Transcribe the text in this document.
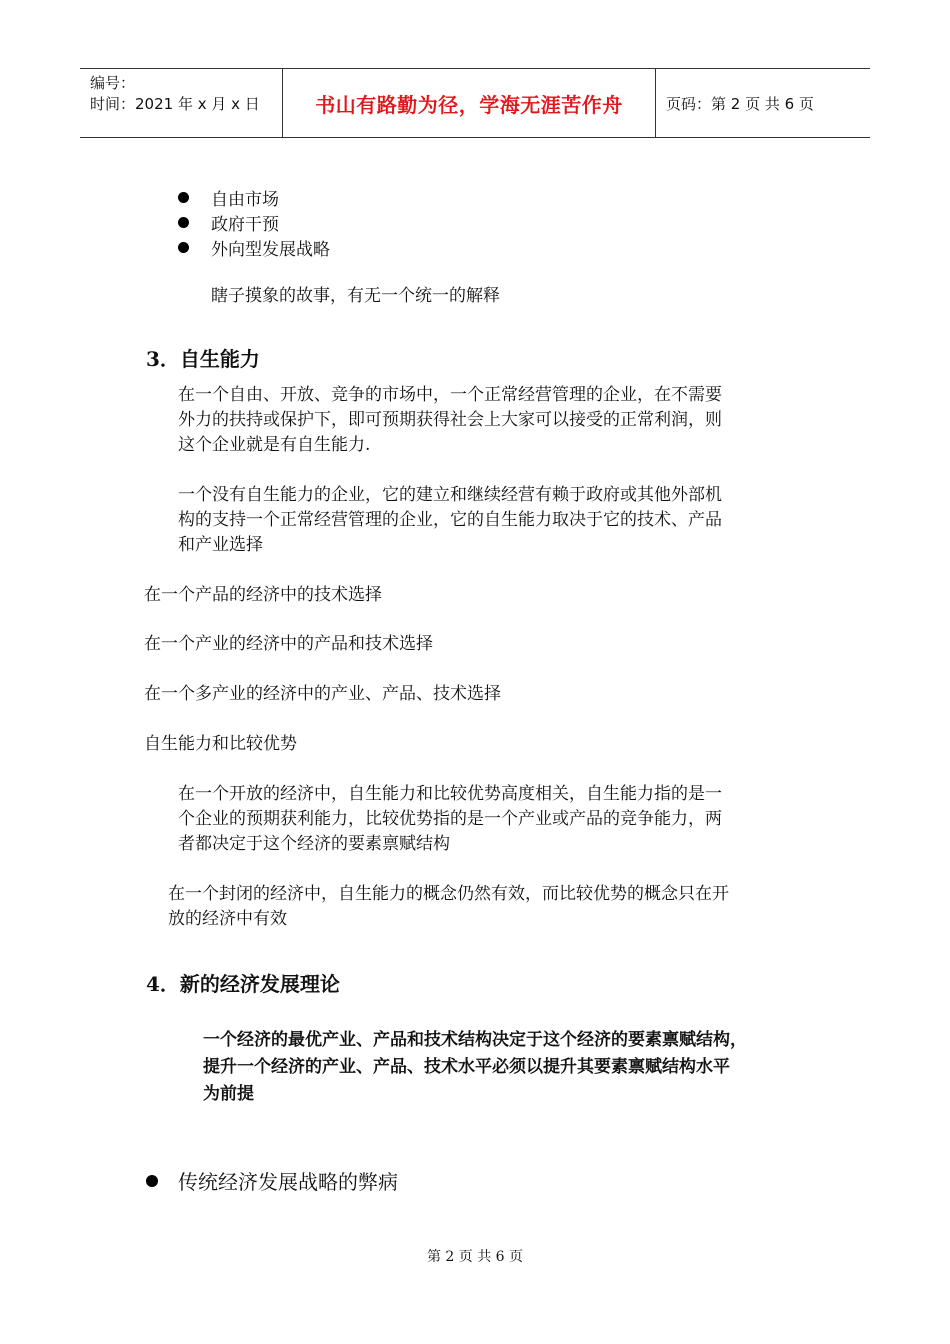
编号：
时间：2021 年 x 月 x 日	书山有路勤为径，学海无涯苦作舟	页码：第 2 页 共 6 页
自由市场
政府干预
外向型发展战略
瞎子摸象的故事，有无一个统一的解释
3．自生能力
在一个自由、开放、竞争的市场中，一个正常经营管理的企业，在不需要
外力的扶持或保护下，即可预期获得社会上大家可以接受的正常利润，则
这个企业就是有自生能力.
一个没有自生能力的企业，它的建立和继续经营有赖于政府或其他外部机
构的支持一个正常经营管理的企业，它的自生能力取决于它的技术、产品
和产业选择
在一个产品的经济中的技术选择
在一个产业的经济中的产品和技术选择
在一个多产业的经济中的产业、产品、技术选择
自生能力和比较优势
在一个开放的经济中，自生能力和比较优势高度相关，自生能力指的是一
个企业的预期获利能力，比较优势指的是一个产业或产品的竞争能力，两
者都决定于这个经济的要素禀赋结构
在一个封闭的经济中，自生能力的概念仍然有效，而比较优势的概念只在开
放的经济中有效
4．新的经济发展理论
一个经济的最优产业、产品和技术结构决定于这个经济的要素禀赋结构，
提升一个经济的产业、产品、技术水平必须以提升其要素禀赋结构水平
为前提
传统经济发展战略的弊病
第 2 页 共 6 页
